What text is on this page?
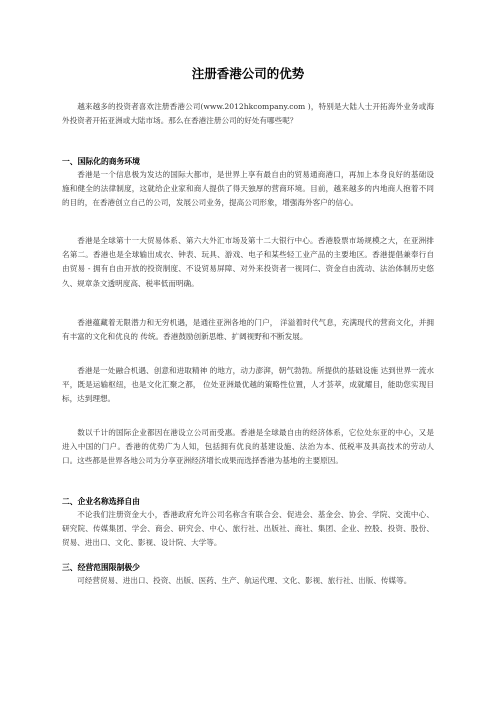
注册香港公司的优势

越来越多的投资者喜欢注册香港公司(www.2012hkcompany.com )，特别是大陆人士开拓海外业务或海外投资者开拓亚洲或大陆市场。那么在香港注册公司的好处有哪些呢？

一、国际化的商务环境

香港是一个信息极为发达的国际大都市，是世界上享有最自由的贸易通商港口，再加上本身良好的基础设施和健全的法律制度，这就给企业家和商人提供了得天独厚的营商环境。目前，越来越多的内地商人抱着不同的目的，在香港创立自己的公司，发展公司业务，提高公司形象，增强海外客户的信心。

香港是全球第十一大贸易体系、第六大外汇市场及第十二大银行中心。香港股票市场规模之大，在亚洲排名第二。香港也是全球输出成衣、钟表、玩具、游戏、电子和某些轻工业产品的主要地区。香港提倡兼奉行自由贸易 - 拥有自由开放的投资制度、不设贸易屏障、对外来投资者一视同仁、资金自由流动、法治体制历史悠久、规章条文透明度高、税率低而明确。

香港蕴藏着无限潜力和无穷机遇，是通往亚洲各地的门户， 洋溢着时代气息，充满现代的营商文化，并拥有丰富的文化和优良的 传统。香港鼓励创新思维、扩阔视野和不断发展。

香港是一处融合机遇、创意和进取精神 的地方，动力澎湃，朝气勃勃。所提供的基础设施 达到世界一流水平，既是运输枢纽，也是文化汇聚之都， 位处亚洲最优越的策略性位置，人才荟萃，成就耀目，能助您实现目标，达到理想。

数以千计的国际企业都因在港设立公司而受惠。香港是全球最自由的经济体系，它位处东亚的中心，又是进入中国的门户。香港的优势广为人知，包括拥有优良的基建设施、法治为本、低税率及具高技术的劳动人口。这些都是世界各地公司为分享亚洲经济增长成果而选择香港为基地的主要原因。

二、企业名称选择自由

不论我们注册资金大小，香港政府允许公司名称含有联合会、促进会、基金会、协会、学院、交流中心、研究院、传媒集团、学会、商会、研究会、中心、旅行社、出版社、商社、集团、企业、控股、投资、股份、贸易、进出口、文化、影视、设计院、大学等。

三、经营范围限制极少

可经营贸易、进出口、投资、出版、医药、生产、航运代理、文化、影视、旅行社、出版、传媒等。
